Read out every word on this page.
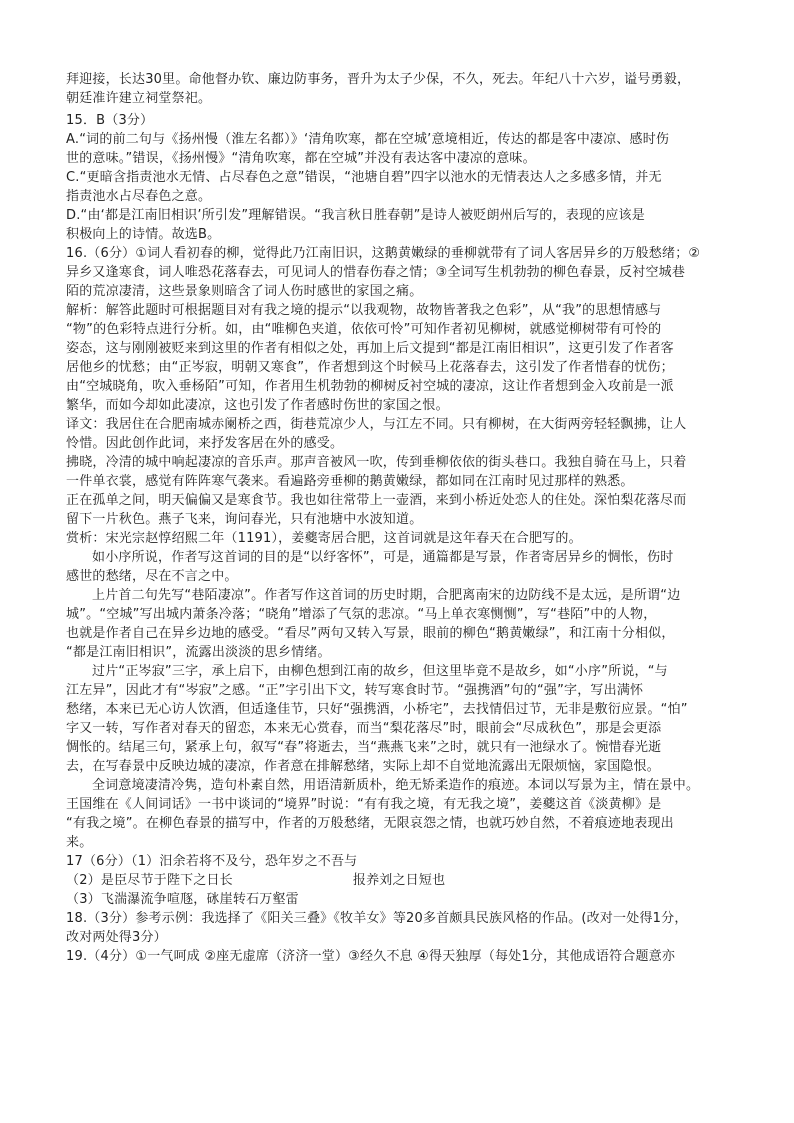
拜迎接，长达30里。命他督办钦、廉边防事务，晋升为太子少保，不久，死去。年纪八十六岁，谥号勇毅，
朝廷准许建立祠堂祭祀。
15．B（3分）
A.“词的前二句与《扬州慢（淮左名都）》‘清角吹寒，都在空城’意境相近，传达的都是客中凄凉、感时伤
世的意味。”错误，《扬州慢》“清角吹寒，都在空城”并没有表达客中凄凉的意味。
C.“更暗含指责池水无情、占尽春色之意”错误，“池塘自碧”四字以池水的无情表达人之多感多情，并无
指责池水占尽春色之意。
D.“由‘都是江南旧相识’所引发”理解错误。“我言秋日胜春朝”是诗人被贬朗州后写的，表现的应该是
积极向上的诗情。故选B。
16.（6分）①词人看初春的柳，觉得此乃江南旧识，这鹅黄嫩绿的垂柳就带有了词人客居异乡的万般愁绪；②
异乡又逢寒食，词人唯恐花落春去，可见词人的惜春伤春之情；③全词写生机勃勃的柳色春景，反衬空城巷
陌的荒凉凄清，这些景象则暗含了词人伤时感世的家国之痛。
解析：解答此题时可根据题目对有我之境的提示“以我观物，故物皆著我之色彩”，从“我”的思想情感与
“物”的色彩特点进行分析。如，由“唯柳色夹道，依依可怜”可知作者初见柳树，就感觉柳树带有可怜的
姿态，这与刚刚被贬来到这里的作者有相似之处，再加上后文提到“都是江南旧相识”，这更引发了作者客
居他乡的忧愁；由“正岑寂，明朝又寒食”，作者想到这个时候马上花落春去，这引发了作者惜春的忧伤；
由“空城晓角，吹入垂杨陌”可知，作者用生机勃勃的柳树反衬空城的凄凉，这让作者想到金入攻前是一派
繁华，而如今却如此凄凉，这也引发了作者感时伤世的家国之恨。
译文：我居住在合肥南城赤阑桥之西，街巷荒凉少人，与江左不同。只有柳树，在大街两旁轻轻飘拂，让人
怜惜。因此创作此词，来抒发客居在外的感受。
拂晓，冷清的城中响起凄凉的音乐声。那声音被风一吹，传到垂柳依依的街头巷口。我独自骑在马上，只着
一件单衣裳，感觉有阵阵寒气袭来。看遍路旁垂柳的鹅黄嫩绿，都如同在江南时见过那样的熟悉。
正在孤单之间，明天偏偏又是寒食节。我也如往常带上一壶酒，来到小桥近处恋人的住处。深怕梨花落尽而
留下一片秋色。燕子飞来，询问春光，只有池塘中水波知道。
赏析：宋光宗赵惇绍熙二年（1191），姜夔寄居合肥，这首词就是这年春天在合肥写的。
如小序所说，作者写这首词的目的是“以纾客怀”，可是，通篇都是写景，作者寄居异乡的惆怅，伤时
感世的愁绪，尽在不言之中。
上片首二句先写“巷陌凄凉”。作者写作这首词的历史时期，合肥离南宋的边防线不是太远，是所谓“边
城”。“空城”写出城内萧条冷落；“晓角”增添了气氛的悲凉。“马上单衣寒恻恻”，写“巷陌”中的人物，
也就是作者自己在异乡边地的感受。“看尽”两句又转入写景，眼前的柳色“鹅黄嫩绿”，和江南十分相似，
“都是江南旧相识”，流露出淡淡的思乡情绪。
过片“正岑寂”三字，承上启下，由柳色想到江南的故乡，但这里毕竟不是故乡，如“小序”所说，“与
江左异”，因此才有“岑寂”之感。“正”字引出下文，转写寒食时节。“强携酒”句的“强”字，写出满怀
愁绪，本来已无心访人饮酒，但适逢佳节，只好“强携酒，小桥宅”，去找情侣过节，无非是敷衍应景。“怕”
字又一转，写作者对春天的留恋，本来无心赏春，而当“梨花落尽”时，眼前会“尽成秋色”，那是会更添
惆怅的。结尾三句，紧承上句，叙写“春”将逝去，当“燕燕飞来”之时，就只有一池绿水了。惋惜春光逝
去，在写春景中反映边城的凄凉，作者意在排解愁绪，实际上却不自觉地流露出无限烦恼，家国隐恨。
全词意境凄清冷隽，造句朴素自然，用语清新质朴，绝无矫柔造作的痕迹。本词以写景为主，情在景中。
王国维在《人间词话》一书中谈词的“境界”时说：“有有我之境，有无我之境”，姜夔这首《淡黄柳》是
“有我之境”。在柳色春景的描写中，作者的万般愁绪，无限哀怨之情，也就巧妙自然，不着痕迹地表现出
来。
17（6分）（1）汨余若将不及兮，恐年岁之不吾与
（2）是臣尽节于陛下之日长	报养刘之日短也
（3）飞湍瀑流争喧豗，砯崖转石万壑雷
18.（3分）参考示例：我选择了《阳关三叠》《牧羊女》等20多首颇具民族风格的作品。(改对一处得1分，
改对两处得3分）
19.（4分）①一气呵成 ②座无虚席（济济一堂）③经久不息 ④得天独厚（每处1分，其他成语符合题意亦
